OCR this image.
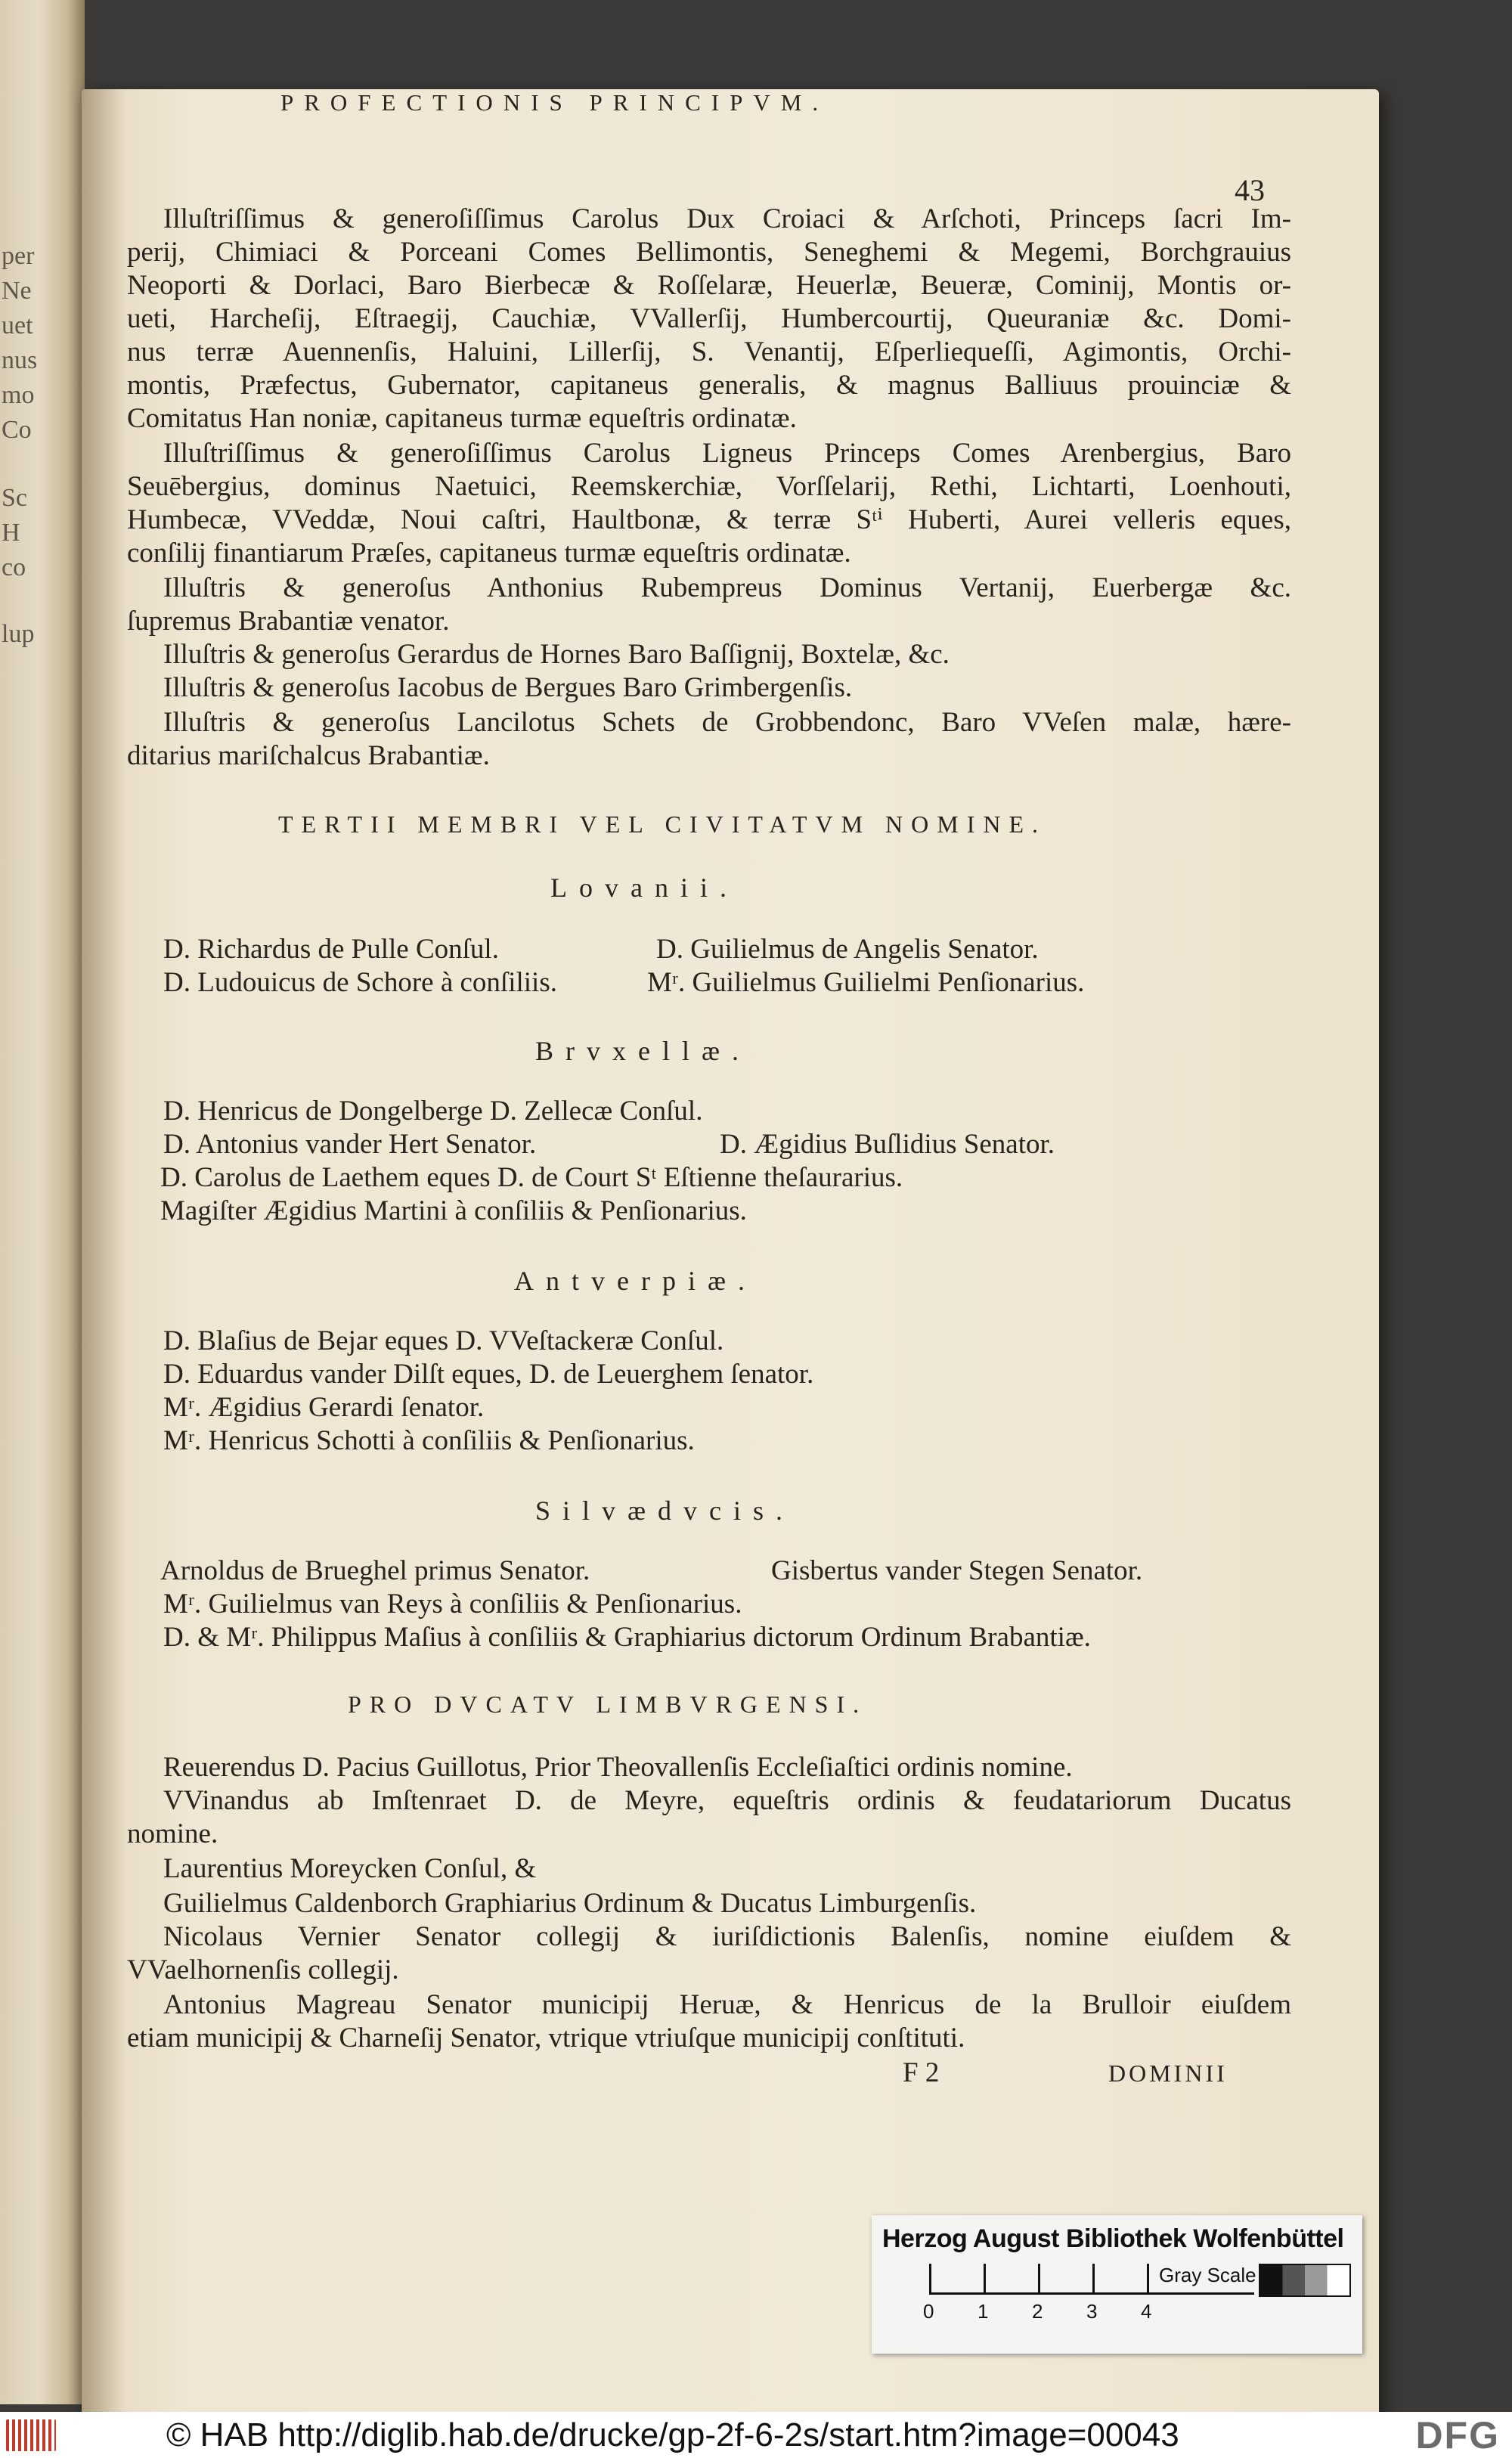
per
Ne
uet
nus
mo
Co
Sc
H
co
lup
PROFECTIONIS PRINCIPVM.
43
Illuſtriſſimus & generoſiſſimus Carolus Dux Croiaci & Arſchoti, Princeps ſacri Im-
perij, Chimiaci & Porceani Comes Bellimontis, Seneghemi & Megemi, Borchgrauius
Neoporti & Dorlaci, Baro Bierbecæ & Roſſelaræ, Heuerlæ, Beueræ, Cominij, Montis or-
ueti, Harcheſij, Eſtraegij, Cauchiæ, VVallerſij, Humbercourtij, Queuraniæ &c. Domi-
nus terræ Auennenſis, Haluini, Lillerſij, S. Venantij, Eſperliequeſſi, Agimontis, Orchi-
montis, Præfectus, Gubernator, capitaneus generalis, & magnus Balliuus prouinciæ &
Comitatus Han noniæ, capitaneus turmæ equeſtris ordinatæ.
Illuſtriſſimus & generoſiſſimus Carolus Ligneus Princeps Comes Arenbergius, Baro
Seuēbergius, dominus Naetuici, Reemskerchiæ, Vorſſelarij, Rethi, Lichtarti, Loenhouti,
Humbecæ, VVeddæ, Noui caſtri, Haultbonæ, & terræ Sᵗⁱ Huberti, Aurei velleris eques,
conſilij finantiarum Præſes, capitaneus turmæ equeſtris ordinatæ.
Illuſtris & generoſus Anthonius Rubempreus Dominus Vertanij, Euerbergæ &c.
ſupremus Brabantiæ venator.
Illuſtris & generoſus Gerardus de Hornes Baro Baſſignij, Boxtelæ, &c.
Illuſtris & generoſus Iacobus de Bergues Baro Grimbergenſis.
Illuſtris & generoſus Lancilotus Schets de Grobbendonc, Baro VVeſen malæ, hære-
ditarius mariſchalcus Brabantiæ.
TERTII MEMBRI VEL CIVITATVM NOMINE.
Lovanii.
D. Richardus de Pulle Conſul.	D. Guilielmus de Angelis Senator.
D. Ludouicus de Schore à conſiliis.	Mʳ. Guilielmus Guilielmi Penſionarius.
Brvxellæ.
D. Henricus de Dongelberge D. Zellecæ Conſul.
D. Antonius vander Hert Senator.	D. Ægidius Buſlidius Senator.
D. Carolus de Laethem eques D. de Court Sᵗ Eſtienne theſaurarius.
Magiſter Ægidius Martini à conſiliis & Penſionarius.
Antverpiæ.
D. Blaſius de Bejar eques D. VVeſtackeræ Conſul.
D. Eduardus vander Dilſt eques, D. de Leuerghem ſenator.
Mʳ. Ægidius Gerardi ſenator.
Mʳ. Henricus Schotti à conſiliis & Penſionarius.
Silvædvcis.
Arnoldus de Brueghel primus Senator.	Gisbertus vander Stegen Senator.
Mʳ. Guilielmus van Reys à conſiliis & Penſionarius.
D. & Mʳ. Philippus Maſius à conſiliis & Graphiarius dictorum Ordinum Brabantiæ.
PRO DVCATV LIMBVRGENSI.
Reuerendus D. Pacius Guillotus, Prior Theovallenſis Eccleſiaſtici ordinis nomine.
VVinandus ab Imſtenraet D. de Meyre, equeſtris ordinis & feudatariorum Ducatus
nomine.
Laurentius Moreycken Conſul, &
Guilielmus Caldenborch Graphiarius Ordinum & Ducatus Limburgenſis.
Nicolaus Vernier Senator collegij & iuriſdictionis Balenſis, nomine eiuſdem &
VVaelhornenſis collegij.
Antonius Magreau Senator municipij Heruæ, & Henricus de la Brulloir eiuſdem
etiam municipij & Charneſij Senator, vtrique vtriuſque municipij conſtituti.
F 2	DOMINII
Herzog August Bibliothek Wolfenbüttel
0 1 2 3 4
Gray Scale
© HAB http://diglib.hab.de/drucke/gp-2f-6-2s/start.htm?image=00043	DFG
